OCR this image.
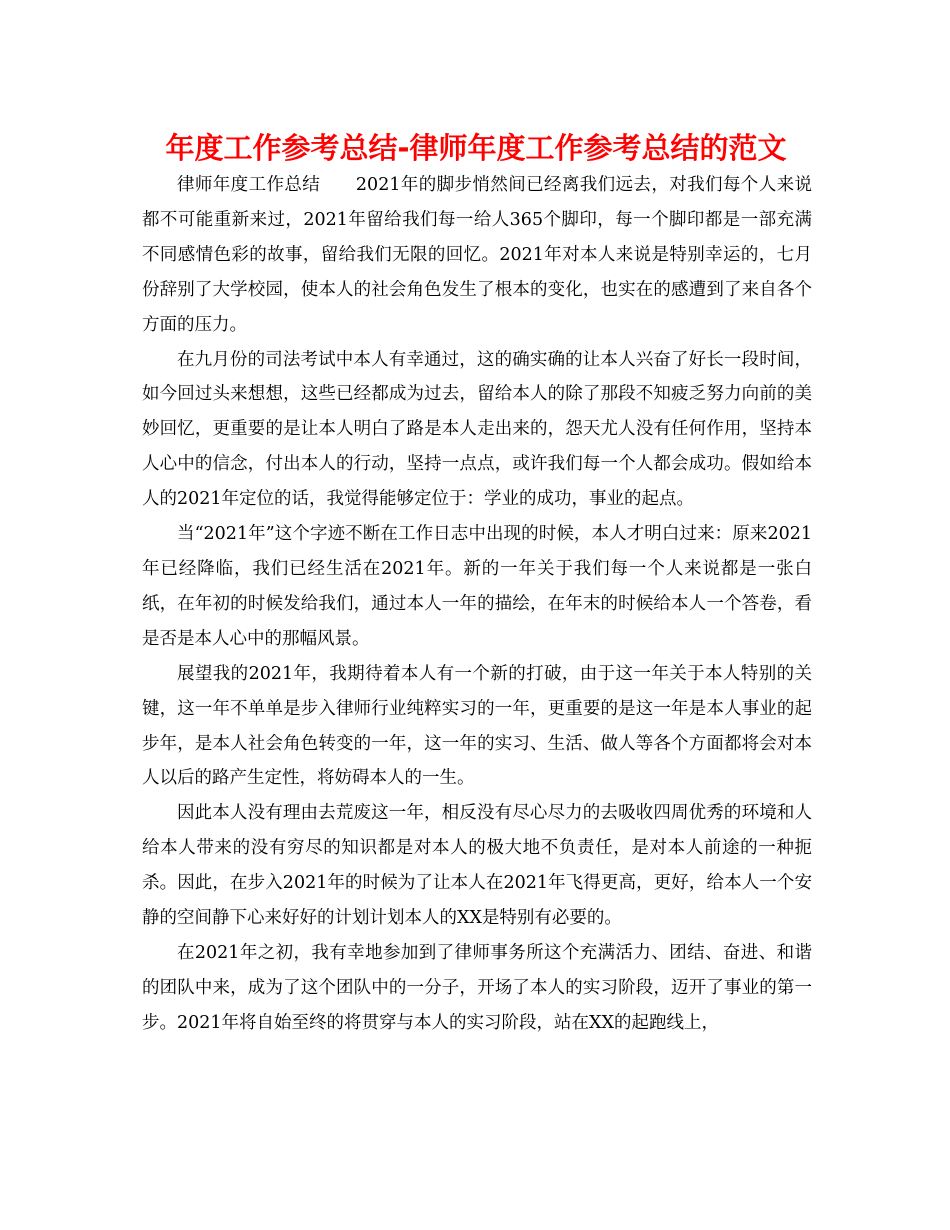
年度工作参考总结-律师年度工作参考总结的范文

律师年度工作总结　　2021年的脚步悄然间已经离我们远去，对我们每个人来说都不可能重新来过，2021年留给我们每一给人365个脚印，每一个脚印都是一部充满不同感情色彩的故事，留给我们无限的回忆。2021年对本人来说是特别幸运的，七月份辞别了大学校园，使本人的社会角色发生了根本的变化，也实在的感遭到了来自各个方面的压力。

在九月份的司法考试中本人有幸通过，这的确实确的让本人兴奋了好长一段时间，如今回过头来想想，这些已经都成为过去，留给本人的除了那段不知疲乏努力向前的美妙回忆，更重要的是让本人明白了路是本人走出来的，怨天尤人没有任何作用，坚持本人心中的信念，付出本人的行动，坚持一点点，或许我们每一个人都会成功。假如给本人的2021年定位的话，我觉得能够定位于：学业的成功，事业的起点。

当“2021年”这个字迹不断在工作日志中出现的时候，本人才明白过来：原来2021年已经降临，我们已经生活在2021年。新的一年关于我们每一个人来说都是一张白纸，在年初的时候发给我们，通过本人一年的描绘，在年末的时候给本人一个答卷，看是否是本人心中的那幅风景。

展望我的2021年，我期待着本人有一个新的打破，由于这一年关于本人特别的关键，这一年不单单是步入律师行业纯粹实习的一年，更重要的是这一年是本人事业的起步年，是本人社会角色转变的一年，这一年的实习、生活、做人等各个方面都将会对本人以后的路产生定性，将妨碍本人的一生。

因此本人没有理由去荒废这一年，相反没有尽心尽力的去吸收四周优秀的环境和人给本人带来的没有穷尽的知识都是对本人的极大地不负责任，是对本人前途的一种扼杀。因此，在步入2021年的时候为了让本人在2021年飞得更高，更好，给本人一个安静的空间静下心来好好的计划计划本人的XX是特别有必要的。

在2021年之初，我有幸地参加到了律师事务所这个充满活力、团结、奋进、和谐的团队中来，成为了这个团队中的一分子，开场了本人的实习阶段，迈开了事业的第一步。2021年将自始至终的将贯穿与本人的实习阶段，站在XX的起跑线上，
